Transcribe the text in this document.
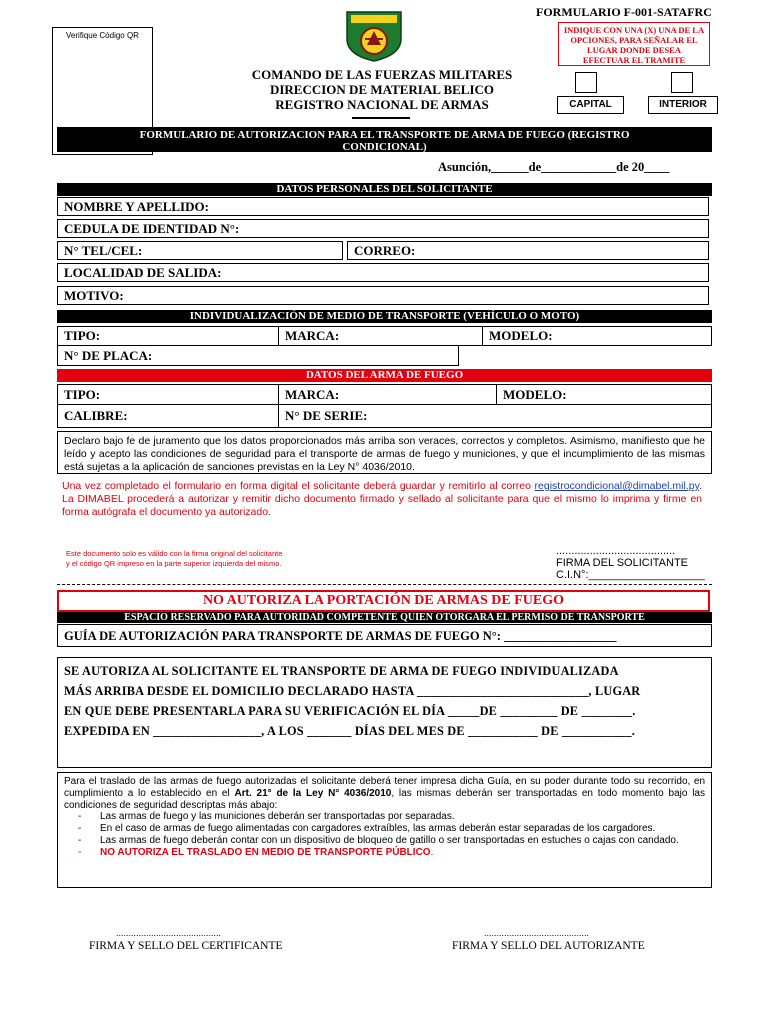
Verifique Código QR
FORMULARIO F-001-SATAFRC
INDIQUE CON UNA (X) UNA DE LA OPCIONES, PARA SEÑALAR EL LUGAR DONDE DESEA EFECTUAR EL TRAMITE
CAPITAL	INTERIOR
COMANDO DE LAS FUERZAS MILITARES
DIRECCION DE MATERIAL BELICO
REGISTRO NACIONAL DE ARMAS
FORMULARIO DE AUTORIZACION PARA EL TRANSPORTE DE ARMA DE FUEGO (REGISTRO CONDICIONAL)
Asunción,______de____________de 20____
DATOS PERSONALES DEL SOLICITANTE
NOMBRE Y APELLIDO:
CEDULA DE IDENTIDAD N°:
N° TEL/CEL:	CORREO:
LOCALIDAD DE SALIDA:
MOTIVO:
INDIVIDUALIZACIÓN DE MEDIO DE TRANSPORTE (VEHÍCULO O MOTO)
TIPO:	MARCA:	MODELO:
N° DE PLACA:
DATOS DEL ARMA DE FUEGO
TIPO:	MARCA:	MODELO:
CALIBRE:	N° DE SERIE:
Declaro bajo fe de juramento que los datos proporcionados más arriba son veraces, correctos y completos. Asimismo, manifiesto que he leído y acepto las condiciones de seguridad para el transporte de armas de fuego y municiones, y que el incumplimiento de las mismas está sujetas a la aplicación de sanciones previstas en la Ley N° 4036/2010.
Una vez completado el formulario en forma digital el solicitante deberá guardar y remitirlo al correo registrocondicional@dimabel.mil.py. La DIMABEL procederá a autorizar y remitir dicho documento firmado y sellado al solicitante para que el mismo lo imprima y firme en forma autógrafa el documento ya autorizado.
Este documento solo es válido con la firma original del solicitante
y el código QR impreso en la parte superior izquierda del mismo.
.......................................
FIRMA DEL SOLICITANTE
C.I.N°:___________________
NO AUTORIZA LA PORTACIÓN DE ARMAS DE FUEGO
ESPACIO RESERVADO PARA AUTORIDAD COMPETENTE QUIEN OTORGARA EL PERMISO DE TRANSPORTE
GUÍA DE AUTORIZACIÓN PARA TRANSPORTE DE ARMAS DE FUEGO N°: __________________
SE AUTORIZA AL SOLICITANTE EL TRANSPORTE DE ARMA DE FUEGO INDIVIDUALIZADA
MÁS ARRIBA DESDE EL DOMICILIO DECLARADO HASTA ___________________________, LUGAR
EN QUE DEBE PRESENTARLA PARA SU VERIFICACIÓN EL DÍA _____DE _________ DE ________.
EXPEDIDA EN _________________, A LOS _______ DÍAS DEL MES DE ___________ DE ___________.
Para el traslado de las armas de fuego autorizadas el solicitante deberá tener impresa dicha Guía, en su poder durante todo su recorrido, en cumplimiento a lo establecido en el Art. 21° de la Ley N° 4036/2010, las mismas deberán ser transportadas en todo momento bajo las condiciones de seguridad descriptas más abajo:
-	Las armas de fuego y las municiones deberán ser transportadas por separadas.
-	En el caso de armas de fuego alimentadas con cargadores extraíbles, las armas deberán estar separadas de los cargadores.
-	Las armas de fuego deberán contar con un dispositivo de bloqueo de gatillo o ser transportadas en estuches o cajas con candado.
-	NO AUTORIZA EL TRASLADO EN MEDIO DE TRANSPORTE PÚBLICO .
..........................................
FIRMA Y SELLO DEL CERTIFICANTE
..........................................
FIRMA Y SELLO DEL AUTORIZANTE
